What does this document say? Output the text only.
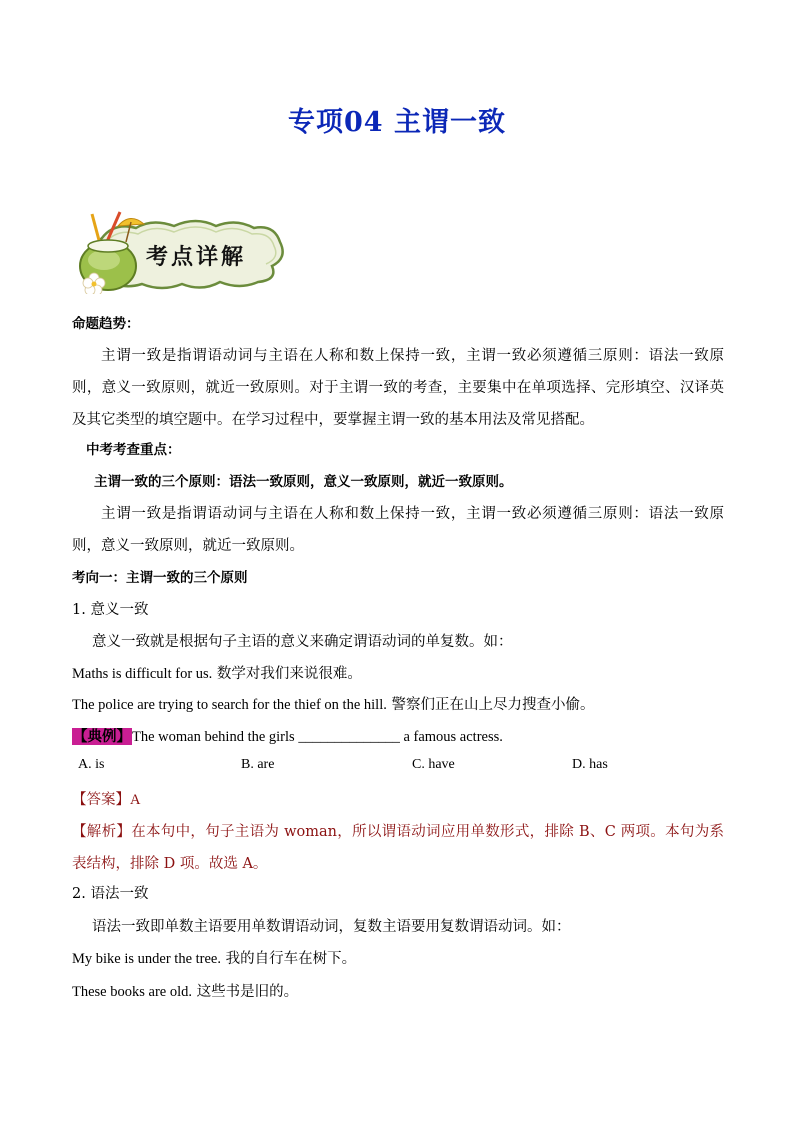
专项04 主谓一致
考点详解
命题趋势：
主谓一致是指谓语动词与主语在人称和数上保持一致，主谓一致必须遵循三原则：语法一致原则，意义一致原则，就近一致原则。对于主谓一致的考查，主要集中在单项选择、完形填空、汉译英及其它类型的填空题中。在学习过程中，要掌握主谓一致的基本用法及常见搭配。
中考考查重点：
主谓一致的三个原则：语法一致原则，意义一致原则，就近一致原则。
主谓一致是指谓语动词与主语在人称和数上保持一致，主谓一致必须遵循三原则：语法一致原则，意义一致原则，就近一致原则。
考向一：主谓一致的三个原则
1. 意义一致
意义一致就是根据句子主语的意义来确定谓语动词的单复数。如：
Maths is difficult for us. 数学对我们来说很难。
The police are trying to search for the thief on the hill. 警察们正在山上尽力搜查小偷。
【典例】The woman behind the girls ______________ a famous actress.
A. is	B. are	C. have	D. has
【答案】A
【解析】在本句中，句子主语为 woman，所以谓语动词应用单数形式，排除 B、C 两项。本句为系表结构，排除 D 项。故选 A。
2. 语法一致
语法一致即单数主语要用单数谓语动词，复数主语要用复数谓语动词。如：
My bike is under the tree. 我的自行车在树下。
These books are old. 这些书是旧的。
